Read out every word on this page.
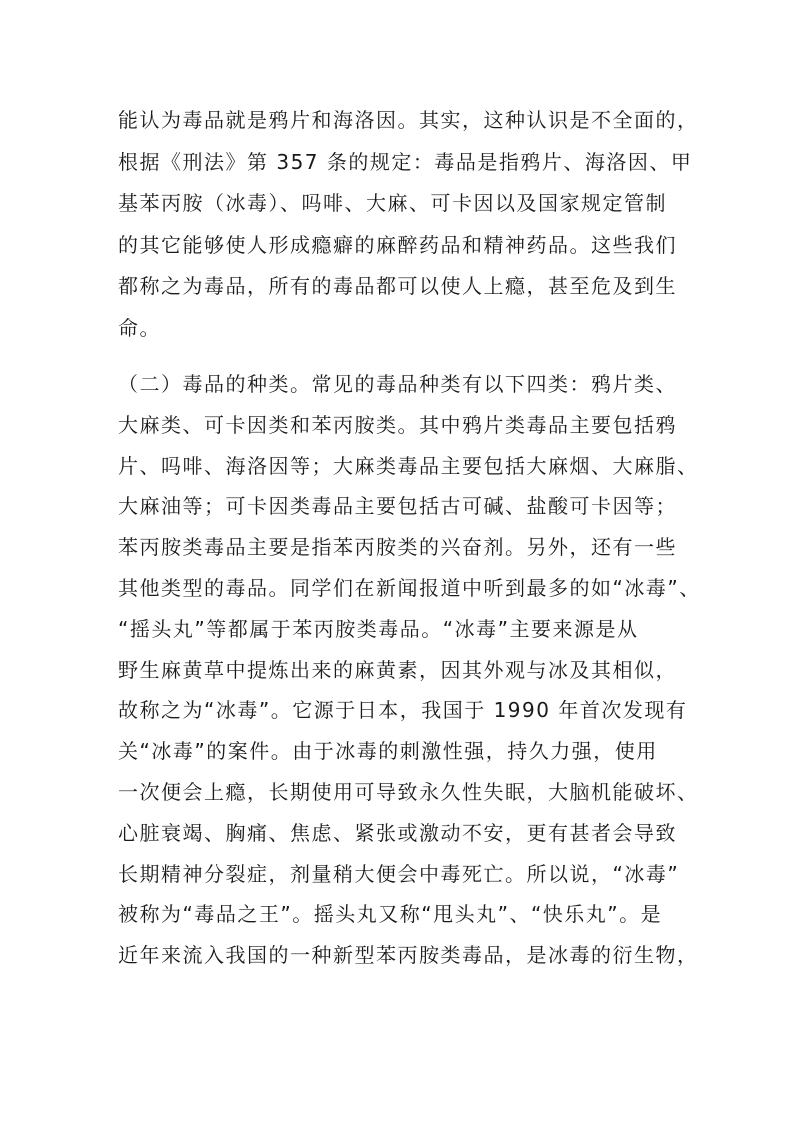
能认为毒品就是鸦片和海洛因。其实，这种认识是不全面的，
根据《刑法》第 357 条的规定：毒品是指鸦片、海洛因、甲
基苯丙胺（冰毒）、吗啡、大麻、可卡因以及国家规定管制
的其它能够使人形成瘾癖的麻醉药品和精神药品。这些我们
都称之为毒品，所有的毒品都可以使人上瘾，甚至危及到生
命。
（二）毒品的种类。常见的毒品种类有以下四类：鸦片类、
大麻类、可卡因类和苯丙胺类。其中鸦片类毒品主要包括鸦
片、吗啡、海洛因等；大麻类毒品主要包括大麻烟、大麻脂、
大麻油等；可卡因类毒品主要包括古可碱、盐酸可卡因等；
苯丙胺类毒品主要是指苯丙胺类的兴奋剂。另外，还有一些
其他类型的毒品。同学们在新闻报道中听到最多的如“冰毒”、
“摇头丸”等都属于苯丙胺类毒品。“冰毒”主要来源是从
野生麻黄草中提炼出来的麻黄素，因其外观与冰及其相似，
故称之为“冰毒”。它源于日本，我国于 1990 年首次发现有
关“冰毒”的案件。由于冰毒的刺激性强，持久力强，使用
一次便会上瘾，长期使用可导致永久性失眠，大脑机能破坏、
心脏衰竭、胸痛、焦虑、紧张或激动不安，更有甚者会导致
长期精神分裂症，剂量稍大便会中毒死亡。所以说，“冰毒”
被称为“毒品之王”。摇头丸又称“甩头丸”、“快乐丸”。是
近年来流入我国的一种新型苯丙胺类毒品，是冰毒的衍生物，
